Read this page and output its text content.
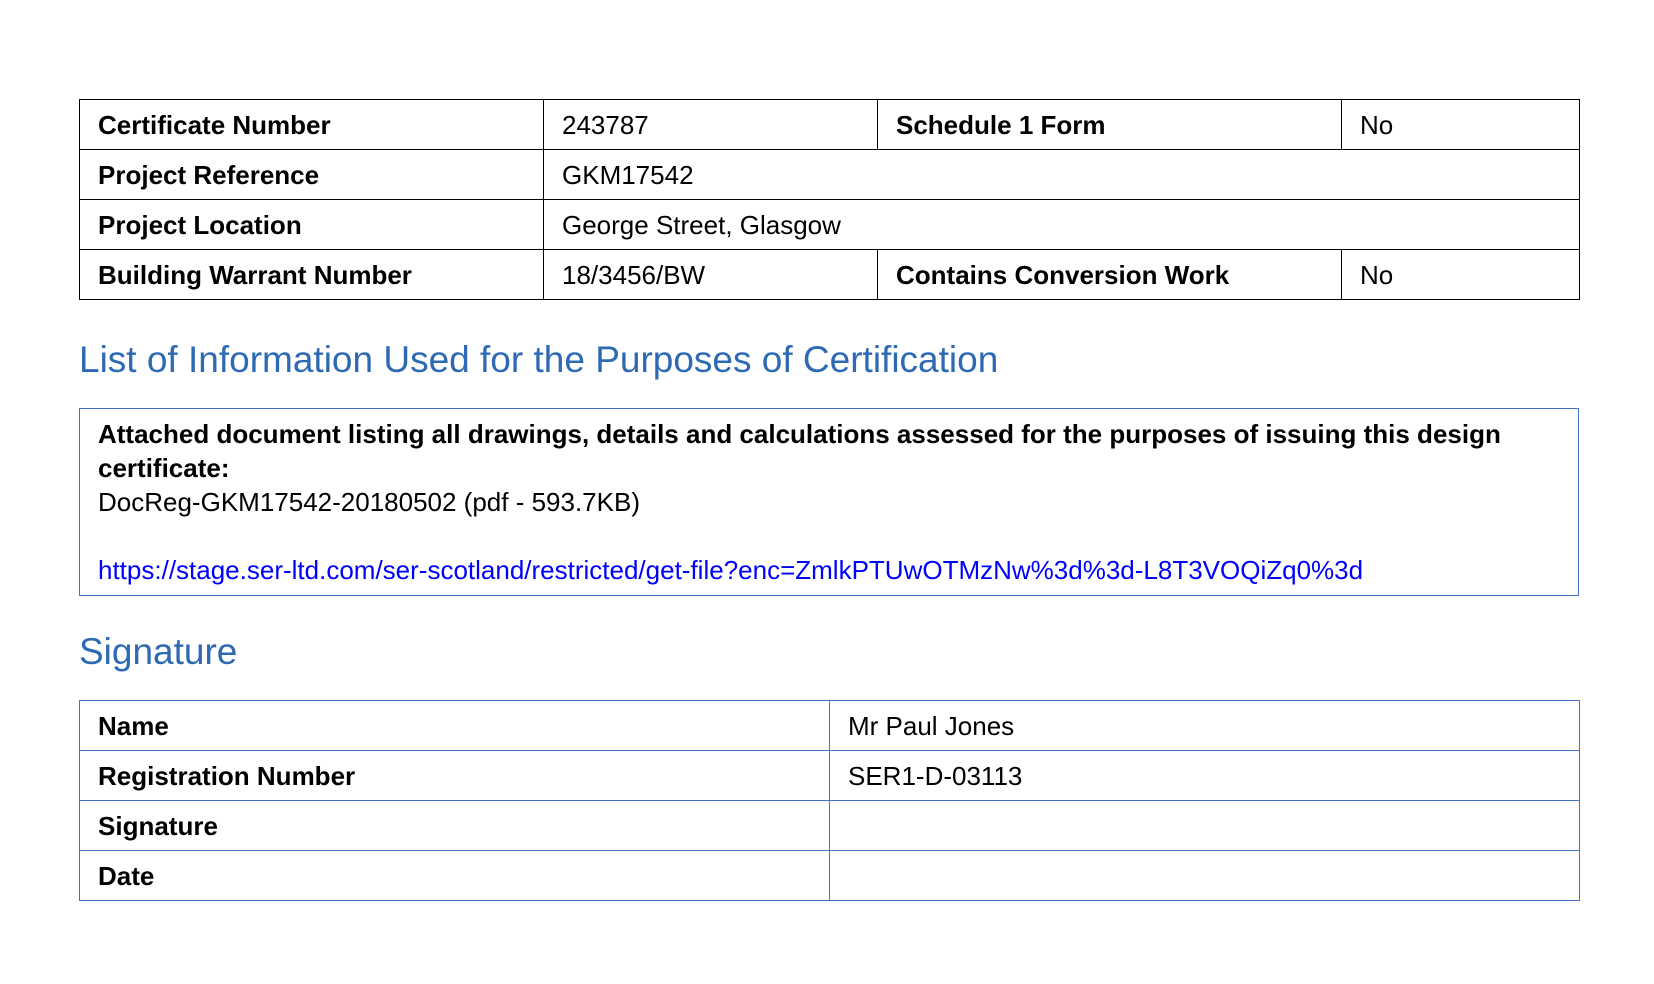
Certificate Number	243787	Schedule 1 Form	No
Project Reference	GKM17542		
Project Location	George Street, Glasgow		
Building Warrant Number	18/3456/BW	Contains Conversion Work	No
List of Information Used for the Purposes of Certification
Attached document listing all drawings, details and calculations assessed for the purposes of issuing this design certificate:
DocReg-GKM17542-20180502 (pdf - 593.7KB)
https://stage.ser-ltd.com/ser-scotland/restricted/get-file?enc=ZmlkPTUwOTMzNw%3d%3d-L8T3VOQiZq0%3d
Signature
Name	Mr Paul Jones
Registration Number	SER1-D-03113
Signature	
Date	
